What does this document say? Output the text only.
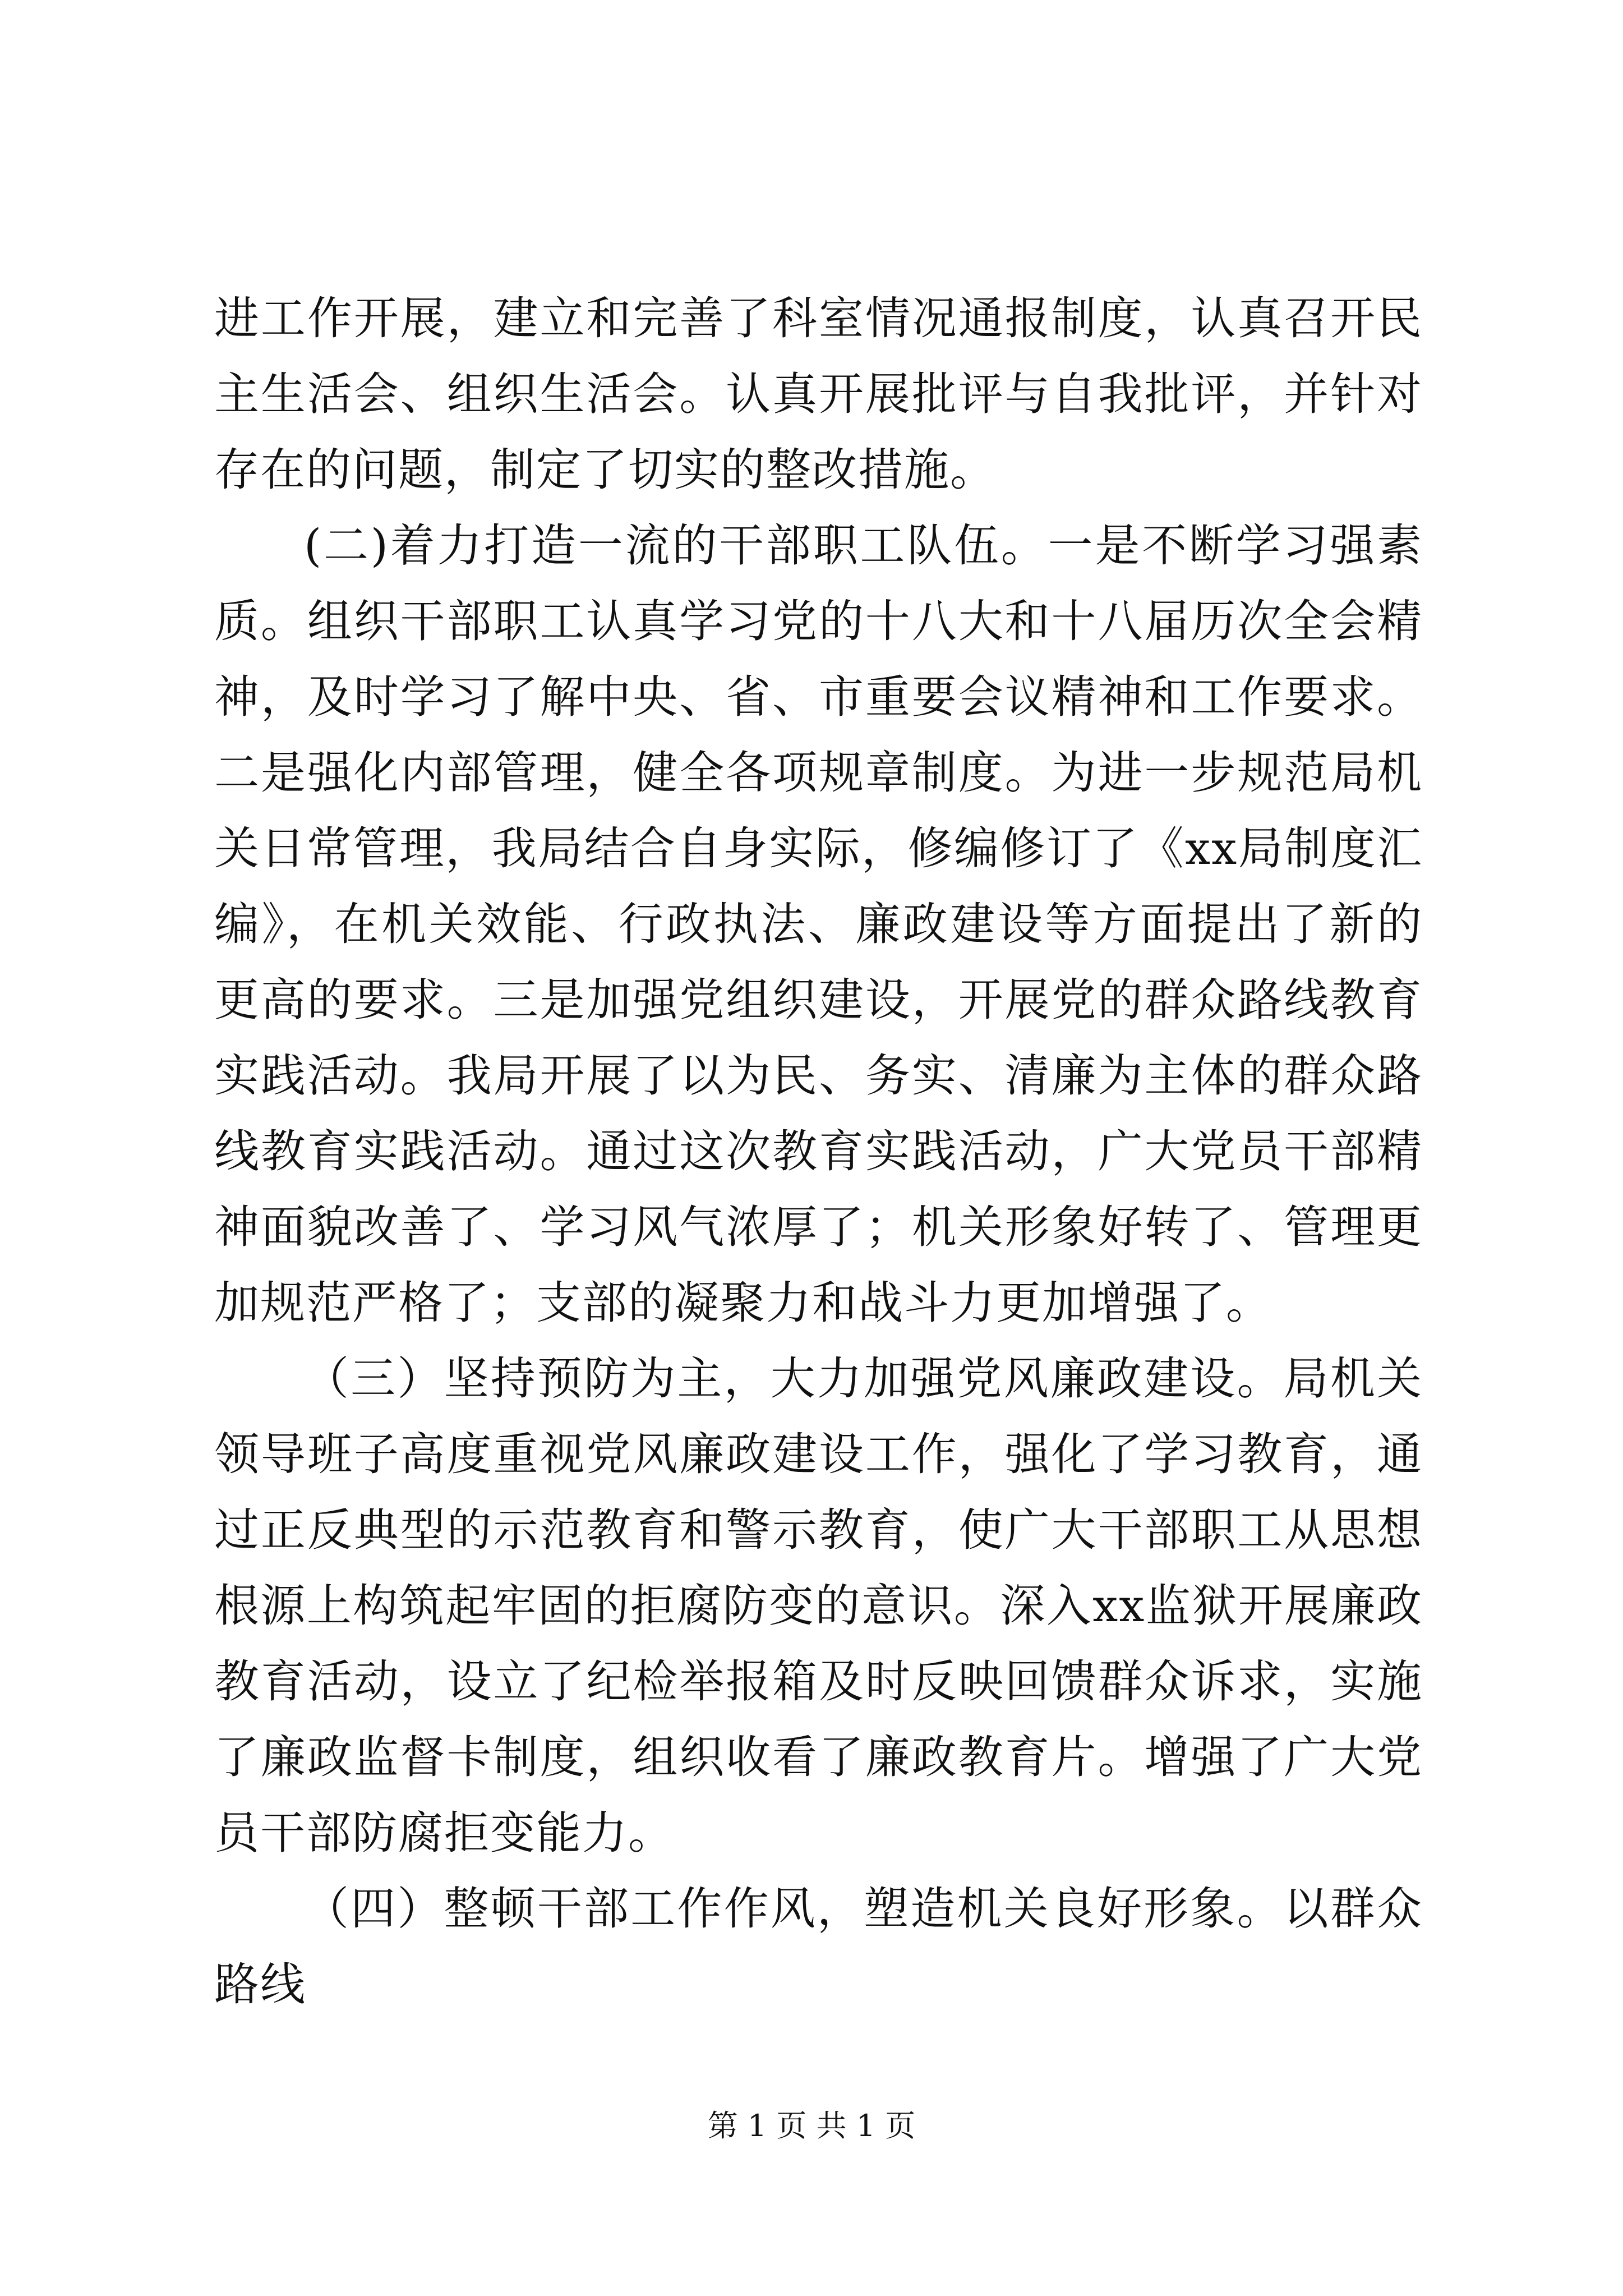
进工作开展，建立和完善了科室情况通报制度，认真召开民主生活会、组织生活会。认真开展批评与自我批评，并针对存在的问题，制定了切实的整改措施。

(二)着力打造一流的干部职工队伍。一是不断学习强素质。组织干部职工认真学习党的十八大和十八届历次全会精神，及时学习了解中央、省、市重要会议精神和工作要求。二是强化内部管理，健全各项规章制度。为进一步规范局机关日常管理，我局结合自身实际，修编修订了《xx局制度汇编》，在机关效能、行政执法、廉政建设等方面提出了新的更高的要求。三是加强党组织建设，开展党的群众路线教育实践活动。我局开展了以为民、务实、清廉为主体的群众路线教育实践活动。通过这次教育实践活动，广大党员干部精神面貌改善了、学习风气浓厚了；机关形象好转了、管理更加规范严格了；支部的凝聚力和战斗力更加增强了。

（三）坚持预防为主，大力加强党风廉政建设。局机关领导班子高度重视党风廉政建设工作，强化了学习教育，通过正反典型的示范教育和警示教育，使广大干部职工从思想根源上构筑起牢固的拒腐防变的意识。深入xx监狱开展廉政教育活动，设立了纪检举报箱及时反映回馈群众诉求，实施了廉政监督卡制度，组织收看了廉政教育片。增强了广大党员干部防腐拒变能力。

（四）整顿干部工作作风，塑造机关良好形象。以群众路线

第 1 页 共 1 页
